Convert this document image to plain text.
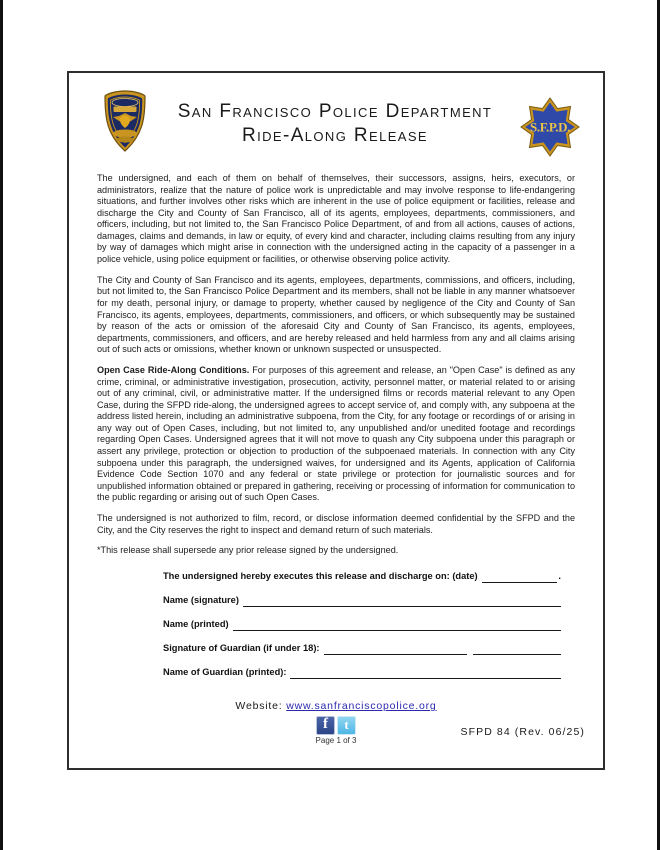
San Francisco Police Department
Ride-Along Release	S.F.P.D.

The undersigned, and each of them on behalf of themselves, their successors, assigns, heirs, executors, or administrators, realize that the nature of police work is unpredictable and may involve response to life-endangering situations, and further involves other risks which are inherent in the use of police equipment or facilities, release and discharge the City and County of San Francisco, all of its agents, employees, departments, commissioners, and officers, including, but not limited to, the San Francisco Police Department, of and from all actions, causes of actions, damages, claims and demands, in law or equity, of every kind and character, including claims resulting from any injury by way of damages which might arise in connection with the undersigned acting in the capacity of a passenger in a police vehicle, using police equipment or facilities, or otherwise observing police activity.

The City and County of San Francisco and its agents, employees, departments, commissions, and officers, including, but not limited to, the San Francisco Police Department and its members, shall not be liable in any manner whatsoever for my death, personal injury, or damage to property, whether caused by negligence of the City and County of San Francisco, its agents, employees, departments, commissioners, and officers, or which subsequently may be sustained by reason of the acts or omission of the aforesaid City and County of San Francisco, its agents, employees, departments, commissioners, and officers, and are hereby released and held harmless from any and all claims arising out of such acts or omissions, whether known or unknown suspected or unsuspected.

Open Case Ride-Along Conditions. For purposes of this agreement and release, an "Open Case" is defined as any crime, criminal, or administrative investigation, prosecution, activity, personnel matter, or material related to or arising out of any criminal, civil, or administrative matter. If the undersigned films or records material relevant to any Open Case, during the SFPD ride-along, the undersigned agrees to accept service of, and comply with, any subpoena at the address listed herein, including an administrative subpoena, from the City, for any footage or recordings of or arising in any way out of Open Cases, including, but not limited to, any unpublished and/or unedited footage and recordings regarding Open Cases. Undersigned agrees that it will not move to quash any City subpoena under this paragraph or assert any privilege, protection or objection to production of the subpoenaed materials. In connection with any City subpoena under this paragraph, the undersigned waives, for undersigned and its Agents, application of California Evidence Code Section 1070 and any federal or state privilege or protection for journalistic sources and for unpublished information obtained or prepared in gathering, receiving or processing of information for communication to the public regarding or arising out of such Open Cases.

The undersigned is not authorized to film, record, or disclose information deemed confidential by the SFPD and the City, and the City reserves the right to inspect and demand return of such materials.

*This release shall supersede any prior release signed by the undersigned.

The undersigned hereby executes this release and discharge on: (date)	.
Name (signature)
Name (printed)
Signature of Guardian (if under 18):
Name of Guardian (printed):
Website: www.sanfranciscopolice.org
ft
Page 1 of 3
SFPD 84 (Rev. 06/25)
